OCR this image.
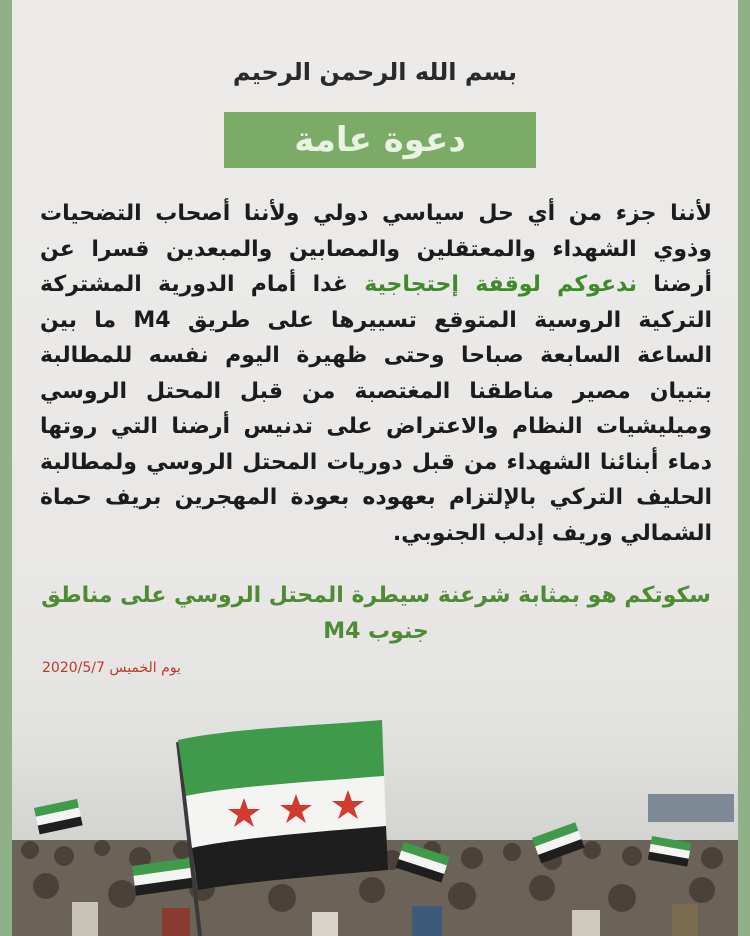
بسم الله الرحمن الرحيم
دعوة عامة
لأننا جزء من أي حل سياسي دولي ولأننا أصحاب التضحيات وذوي الشهداء والمعتقلين والمصابين والمبعدين قسرا عن أرضنا ندعوكم لوقفة إحتجاجية غدا أمام الدورية المشتركة التركية الروسية المتوقع تسييرها على طريق M4 ما بين الساعة السابعة صباحا وحتى ظهيرة اليوم نفسه للمطالبة بتبيان مصير مناطقنا المغتصبة من قبل المحتل الروسي وميليشيات النظام والاعتراض على تدنيس أرضنا التي روتها دماء أبنائنا الشهداء من قبل دوريات المحتل الروسي ولمطالبة الحليف التركي بالإلتزام بعهوده بعودة المهجرين بريف حماة الشمالي وريف إدلب الجنوبي.
سكوتكم هو بمثابة شرعنة سيطرة المحتل الروسي على مناطق جنوب M4
يوم الخميس 2020/5/7
